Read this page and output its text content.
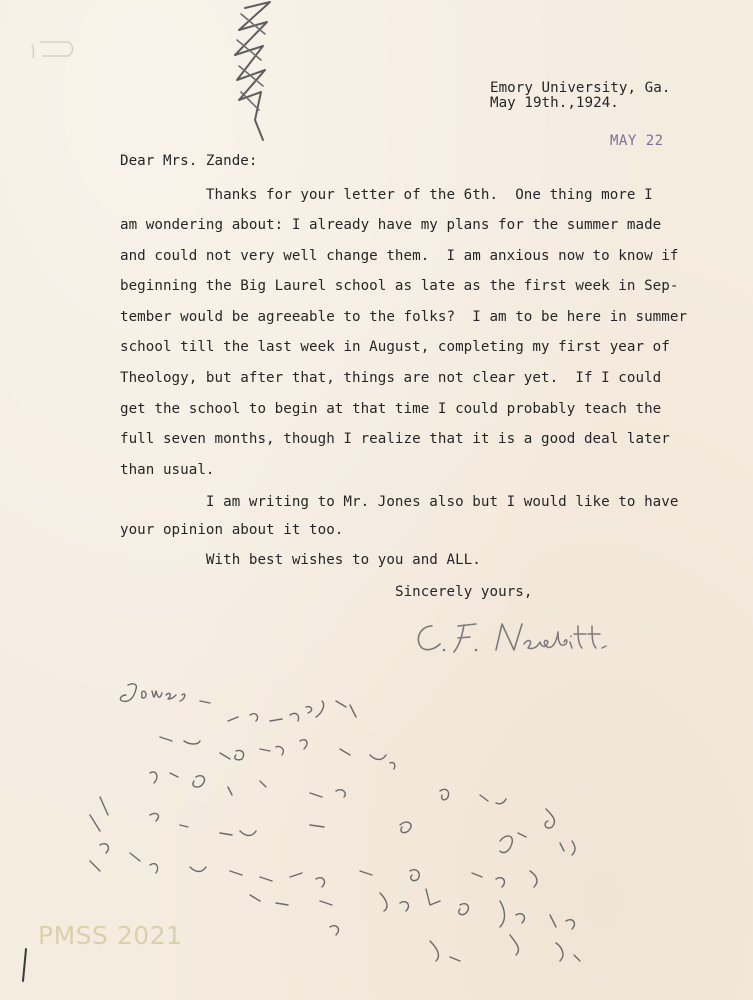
Emory University, Ga.
May 19th.,1924.
MAY 22
Dear Mrs. Zande:
Thanks for your letter of the 6th.  One thing more I
am wondering about: I already have my plans for the summer made
and could not very well change them.  I am anxious now to know if
beginning the Big Laurel school as late as the first week in Sep-
tember would be agreeable to the folks?  I am to be here in summer
school till the last week in August, completing my first year of
Theology, but after that, things are not clear yet.  If I could
get the school to begin at that time I could probably teach the
full seven months, though I realize that it is a good deal later
than usual.
I am writing to Mr. Jones also but I would like to have
your opinion about it too.
With best wishes to you and ALL.
Sincerely yours,
PMSS 2021
